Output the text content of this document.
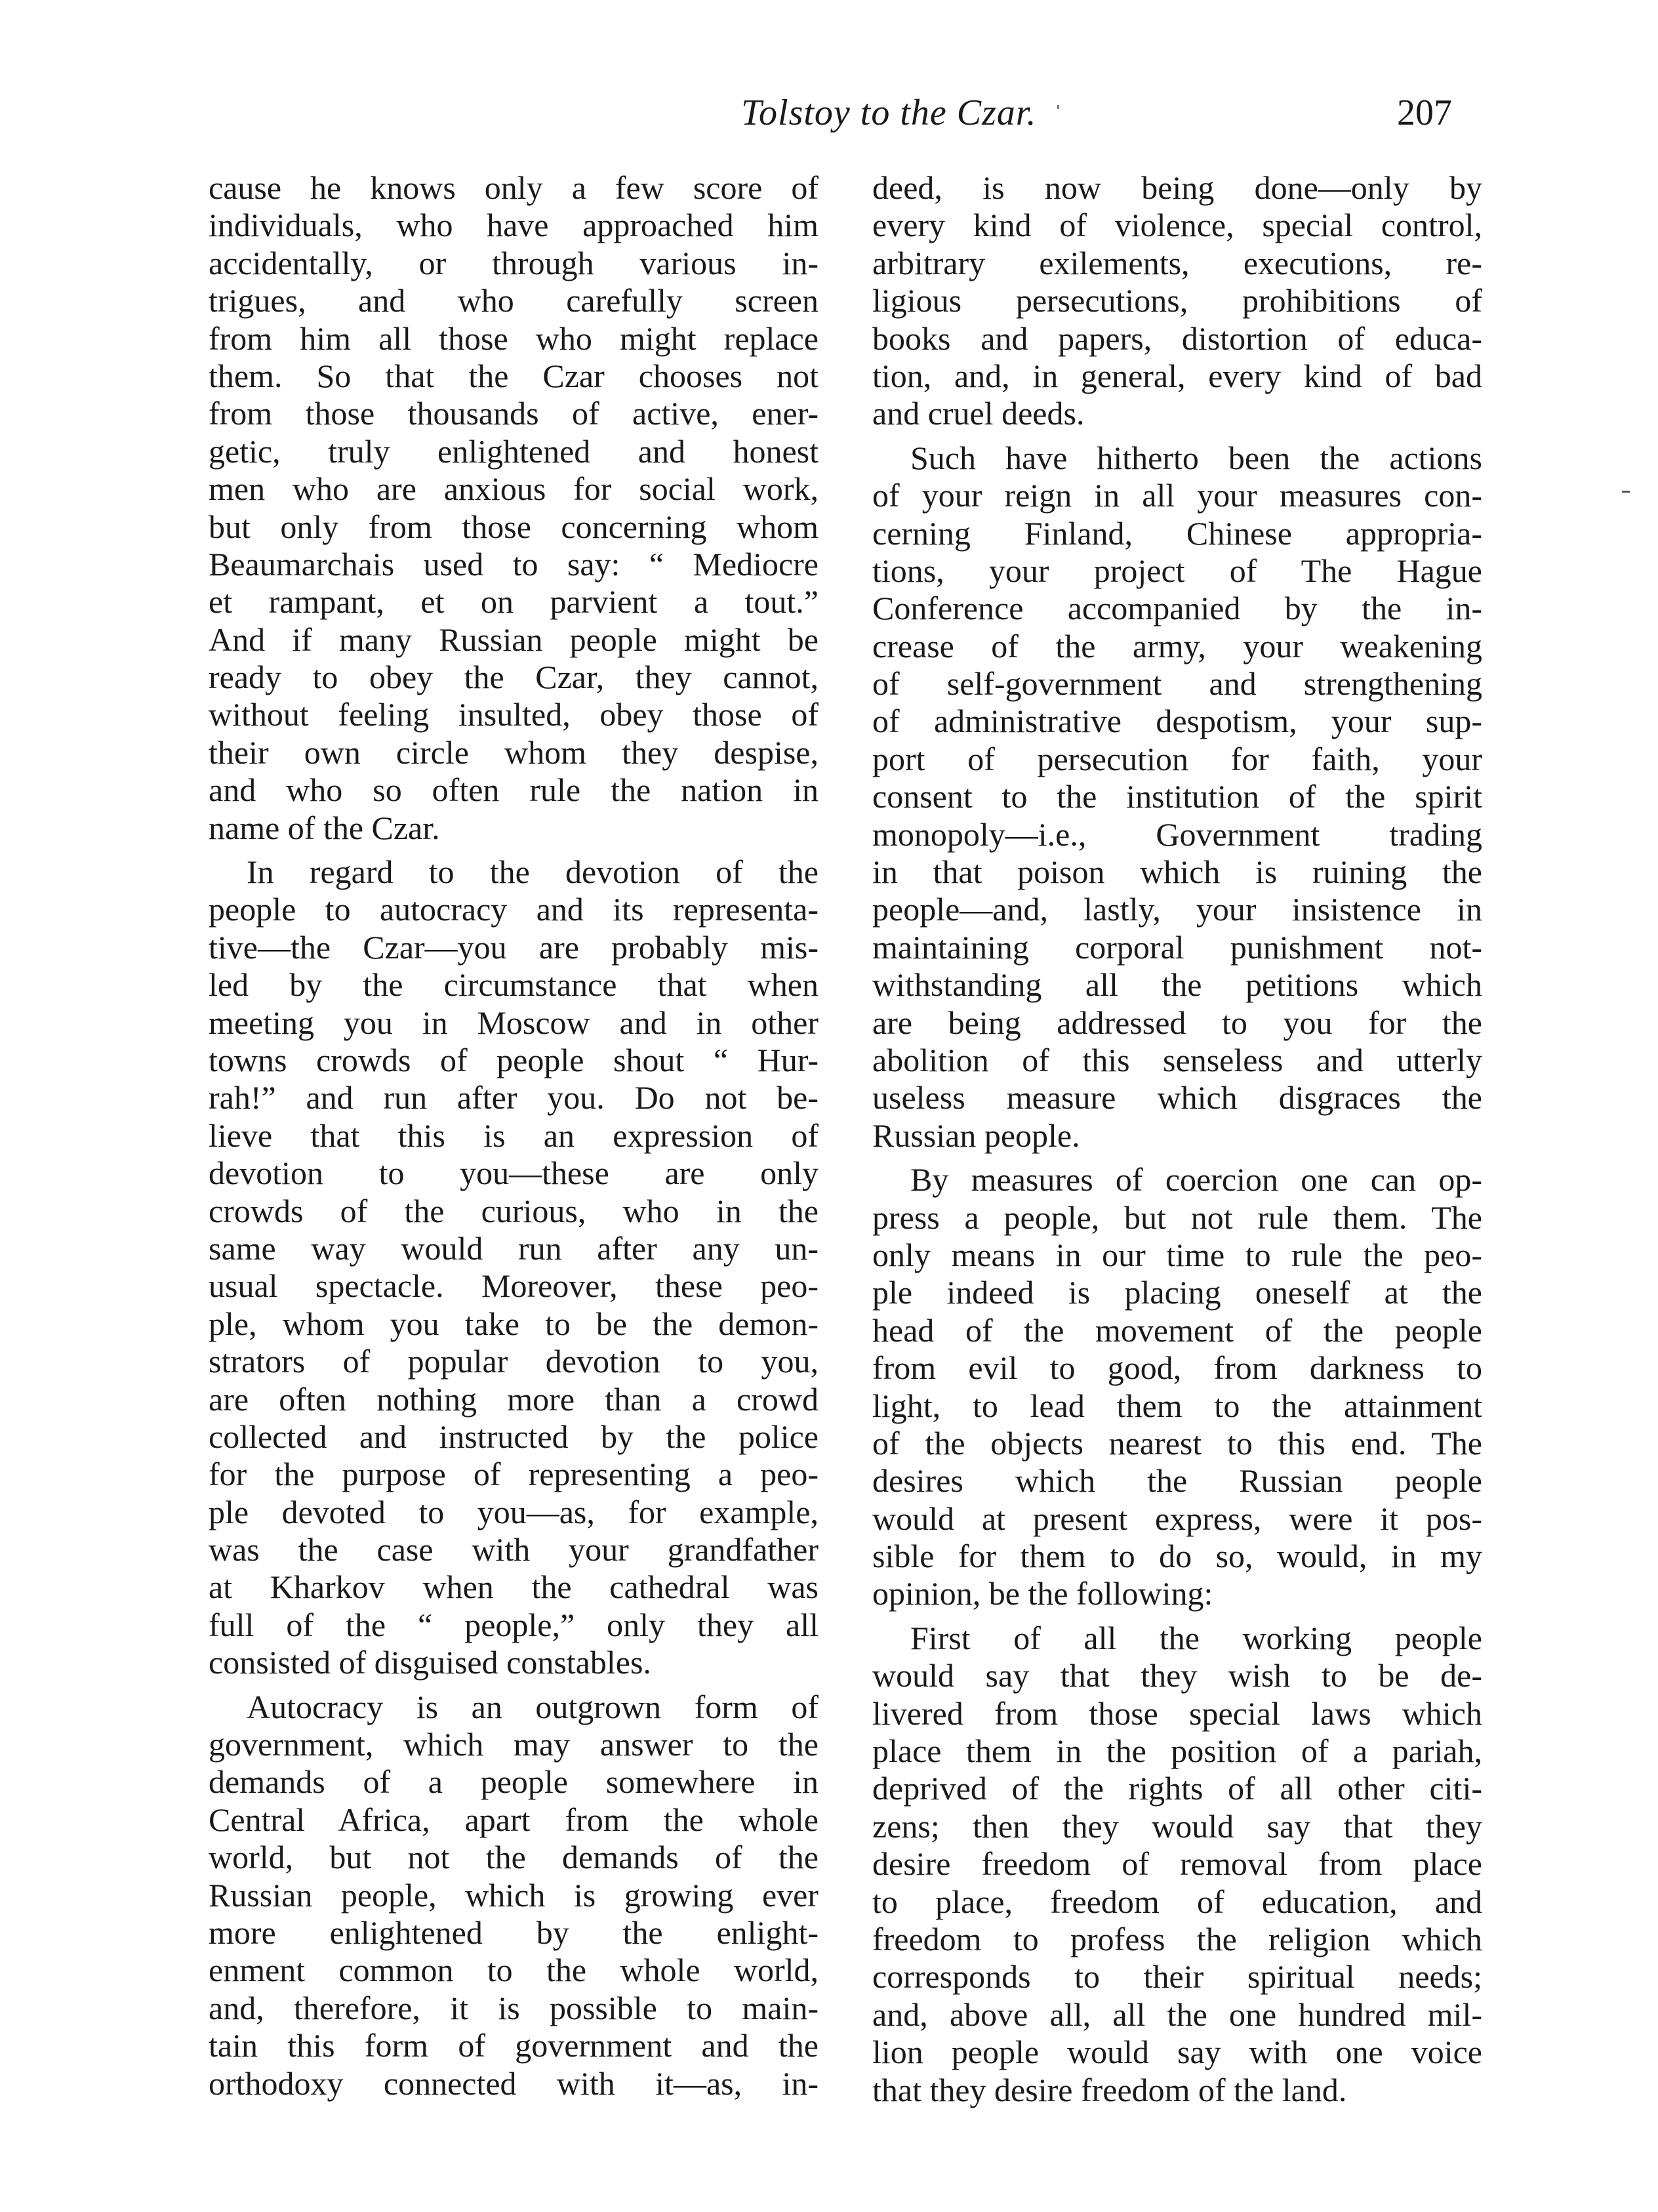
Tolstoy to the Czar.	207
cause he knows only a few score of
individuals, who have approached him
accidentally, or through various in-
trigues, and who carefully screen
from him all those who might replace
them. So that the Czar chooses not
from those thousands of active, ener-
getic, truly enlightened and honest
men who are anxious for social work,
but only from those concerning whom
Beaumarchais used to say: “ Mediocre
et rampant, et on parvient a tout.”
And if many Russian people might be
ready to obey the Czar, they cannot,
without feeling insulted, obey those of
their own circle whom they despise,
and who so often rule the nation in
name of the Czar.
In regard to the devotion of the
people to autocracy and its representa-
tive—the Czar—you are probably mis-
led by the circumstance that when
meeting you in Moscow and in other
towns crowds of people shout “ Hur-
rah!” and run after you. Do not be-
lieve that this is an expression of
devotion to you—these are only
crowds of the curious, who in the
same way would run after any un-
usual spectacle. Moreover, these peo-
ple, whom you take to be the demon-
strators of popular devotion to you,
are often nothing more than a crowd
collected and instructed by the police
for the purpose of representing a peo-
ple devoted to you—as, for example,
was the case with your grandfather
at Kharkov when the cathedral was
full of the “ people,” only they all
consisted of disguised constables.
Autocracy is an outgrown form of
government, which may answer to the
demands of a people somewhere in
Central Africa, apart from the whole
world, but not the demands of the
Russian people, which is growing ever
more enlightened by the enlight-
enment common to the whole world,
and, therefore, it is possible to main-
tain this form of government and the
orthodoxy connected with it—as, in-
deed, is now being done—only by
every kind of violence, special control,
arbitrary exilements, executions, re-
ligious persecutions, prohibitions of
books and papers, distortion of educa-
tion, and, in general, every kind of bad
and cruel deeds.
Such have hitherto been the actions
of your reign in all your measures con-
cerning Finland, Chinese appropria-
tions, your project of The Hague
Conference accompanied by the in-
crease of the army, your weakening
of self-government and strengthening
of administrative despotism, your sup-
port of persecution for faith, your
consent to the institution of the spirit
monopoly—i.e., Government trading
in that poison which is ruining the
people—and, lastly, your insistence in
maintaining corporal punishment not-
withstanding all the petitions which
are being addressed to you for the
abolition of this senseless and utterly
useless measure which disgraces the
Russian people.
By measures of coercion one can op-
press a people, but not rule them. The
only means in our time to rule the peo-
ple indeed is placing oneself at the
head of the movement of the people
from evil to good, from darkness to
light, to lead them to the attainment
of the objects nearest to this end. The
desires which the Russian people
would at present express, were it pos-
sible for them to do so, would, in my
opinion, be the following:
First of all the working people
would say that they wish to be de-
livered from those special laws which
place them in the position of a pariah,
deprived of the rights of all other citi-
zens; then they would say that they
desire freedom of removal from place
to place, freedom of education, and
freedom to profess the religion which
corresponds to their spiritual needs;
and, above all, all the one hundred mil-
lion people would say with one voice
that they desire freedom of the land.
